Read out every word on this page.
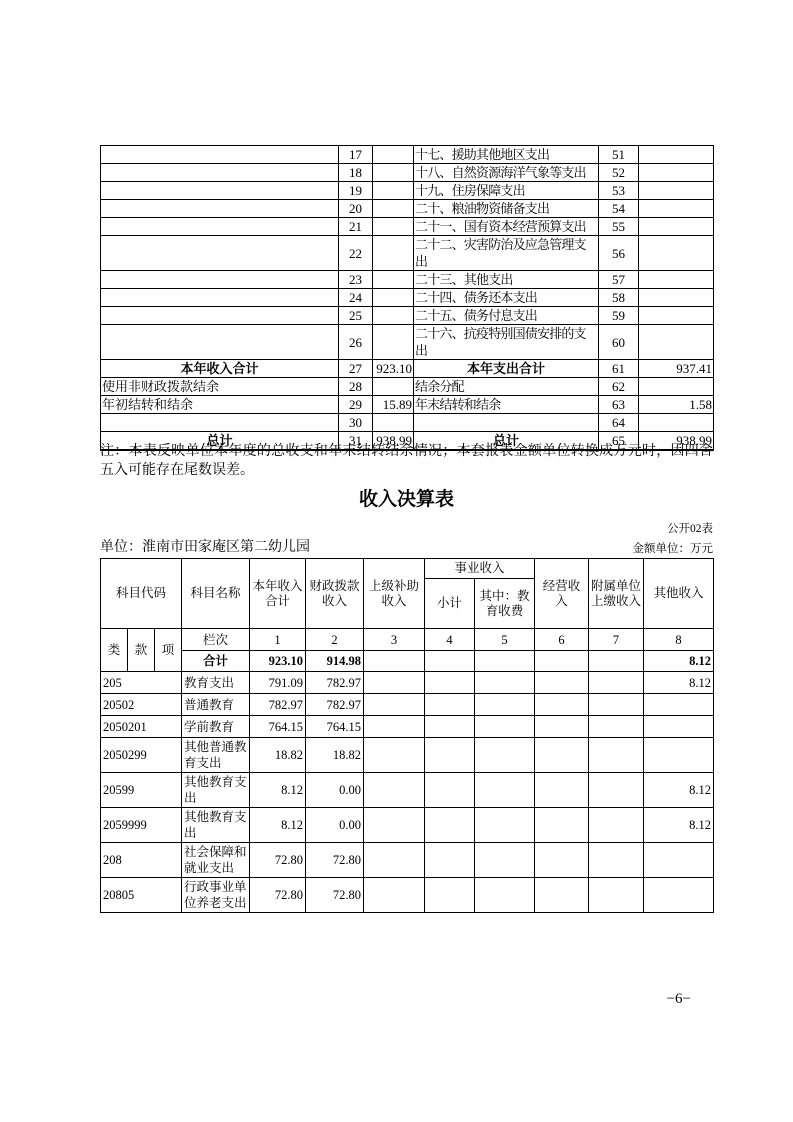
	17		十七、援助其他地区支出	51	
	18		十八、自然资源海洋气象等支出	52	
	19		十九、住房保障支出	53	
	20		二十、粮油物资储备支出	54	
	21		二十一、国有资本经营预算支出	55	
	22		二十二、灾害防治及应急管理支出	56	
	23		二十三、其他支出	57	
	24		二十四、债务还本支出	58	
	25		二十五、债务付息支出	59	
	26		二十六、抗疫特别国债安排的支出	60	
本年收入合计	27	923.10	本年支出合计	61	937.41
使用非财政拨款结余	28		结余分配	62	
年初结转和结余	29	15.89	年末结转和结余	63	1.58
	30			64	
总计	31	938.99	总计	65	938.99
注：本表反映单位本年度的总收支和年末结转结余情况；本套报表金额单位转换成万元时，因四舍五入可能存在尾数误差。
收入决算表
公开02表
单位：淮南市田家庵区第二幼儿园	金额单位：万元
科目代码			科目名称	本年收入合计	财政拨款收入	上级补助收入	事业收入		经营收入	附属单位上缴收入	其他收入
							小计	其中：教育收费			
类	款	项	栏次	1	2	3	4	5	6	7	8
			合计	923.10	914.98						8.12
205			教育支出	791.09	782.97						8.12
20502			普通教育	782.97	782.97						
2050201			学前教育	764.15	764.15						
2050299			其他普通教育支出	18.82	18.82						
20599			其他教育支出	8.12	0.00						8.12
2059999			其他教育支出	8.12	0.00						8.12
208			社会保障和就业支出	72.80	72.80						
20805			行政事业单位养老支出	72.80	72.80						
−6−
